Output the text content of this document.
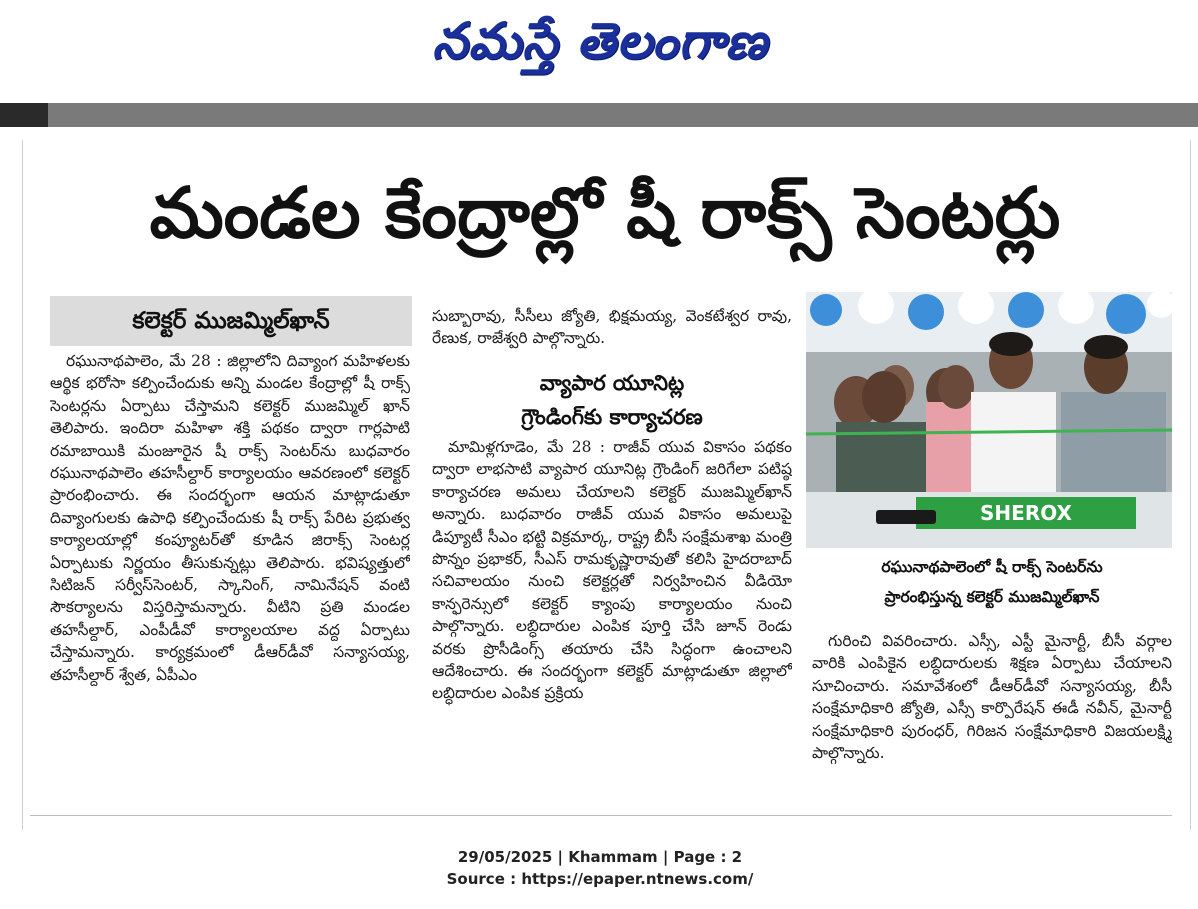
నమస్తే తెలంగాణ
మండల కేంద్రాల్లో షీ రాక్స్ సెంటర్లు
కలెక్టర్ ముజమ్మిల్‌ఖాన్

రఘునాథపాలెం, మే 28 : జిల్లాలోని దివ్యాంగ మహిళలకు ఆర్థిక భరోసా కల్పించేందుకు అన్ని మండల కేంద్రాల్లో షీ రాక్స్ సెంటర్లను ఏర్పాటు చేస్తామని కలెక్టర్ ముజమ్మిల్ ఖాన్ తెలిపారు. ఇందిరా మహిళా శక్తి పథకం ద్వారా గార్లపాటి రమాబాయికి మంజూరైన షీ రాక్స్ సెంటర్‌ను బుధవారం రఘునాథపాలెం తహసీల్దార్ కార్యాలయం ఆవరణంలో కలెక్టర్ ప్రారంభించారు. ఈ సందర్భంగా ఆయన మాట్లాడుతూ దివ్యాంగులకు ఉపాధి కల్పించేందుకు షీ రాక్స్ పేరిట ప్రభుత్వ కార్యాలయాల్లో కంప్యూటర్‌తో కూడిన జిరాక్స్ సెంటర్ల ఏర్పాటుకు నిర్ణయం తీసుకున్నట్లు తెలిపారు. భవిష్యత్తులో సిటిజన్ సర్వీస్‌సెంటర్, స్కానింగ్, నామినేషన్ వంటి సౌకర్యాలను విస్తరిస్తామన్నారు. వీటిని ప్రతి మండల తహసీల్దార్, ఎంపీడీవో కార్యాలయాల వద్ద ఏర్పాటు చేస్తామన్నారు. కార్యక్రమంలో డీఆర్‌డీవో సన్యాసయ్య, తహసీల్దార్ శ్వేత, ఏపీఎం

సుబ్బారావు, సీసీలు జ్యోతి, భిక్షమయ్య, వెంకటేశ్వర రావు, రేణుక, రాజేశ్వరి పాల్గొన్నారు.
వ్యాపార యూనిట్ల
గ్రౌండింగ్‌కు కార్యాచరణ

మామిళ్లగూడెం, మే 28 : రాజీవ్ యువ వికాసం పథకం ద్వారా లాభసాటి వ్యాపార యూనిట్ల గ్రౌండింగ్ జరిగేలా పటిష్ఠ కార్యాచరణ అమలు చేయాలని కలెక్టర్ ముజమ్మిల్‌ఖాన్ అన్నారు. బుధవారం రాజీవ్ యువ వికాసం అమలుపై డిప్యూటీ సీఎం భట్టి విక్రమార్క, రాష్ట్ర బీసీ సంక్షేమశాఖ మంత్రి పొన్నం ప్రభాకర్, సీఎస్ రామకృష్ణారావుతో కలిసి హైదరాబాద్ సచివాలయం నుంచి కలెక్టర్లతో నిర్వహించిన వీడియో కాన్ఫరెన్సులో కలెక్టర్ క్యాంపు కార్యాలయం నుంచి పాల్గొన్నారు. లబ్ధిదారుల ఎంపిక పూర్తి చేసి జూన్ రెండు వరకు ప్రొసీడింగ్స్ తయారు చేసి సిద్ధంగా ఉంచాలని ఆదేశించారు. ఈ సందర్భంగా కలెక్టర్ మాట్లాడుతూ జిల్లాలో లబ్ధిదారుల ఎంపిక ప్రక్రియ

SHEROX
రఘునాథపాలెంలో షీ రాక్స్ సెంటర్‌ను
ప్రారంభిస్తున్న కలెక్టర్ ముజమ్మిల్‌ఖాన్

గురించి వివరించారు. ఎస్సీ, ఎస్టీ మైనార్టీ, బీసీ వర్గాల వారికి ఎంపికైన లబ్ధిదారులకు శిక్షణ ఏర్పాటు చేయాలని సూచించారు. సమావేశంలో డీఆర్‌డీవో సన్యాసయ్య, బీసీ సంక్షేమాధికారి జ్యోతి, ఎస్సీ కార్పొరేషన్ ఈడీ నవీన్, మైనార్టీ సంక్షేమాధికారి పురంధర్, గిరిజన సంక్షేమాధికారి విజయలక్ష్మి పాల్గొన్నారు.

29/05/2025 | Khammam | Page : 2
Source : https://epaper.ntnews.com/
